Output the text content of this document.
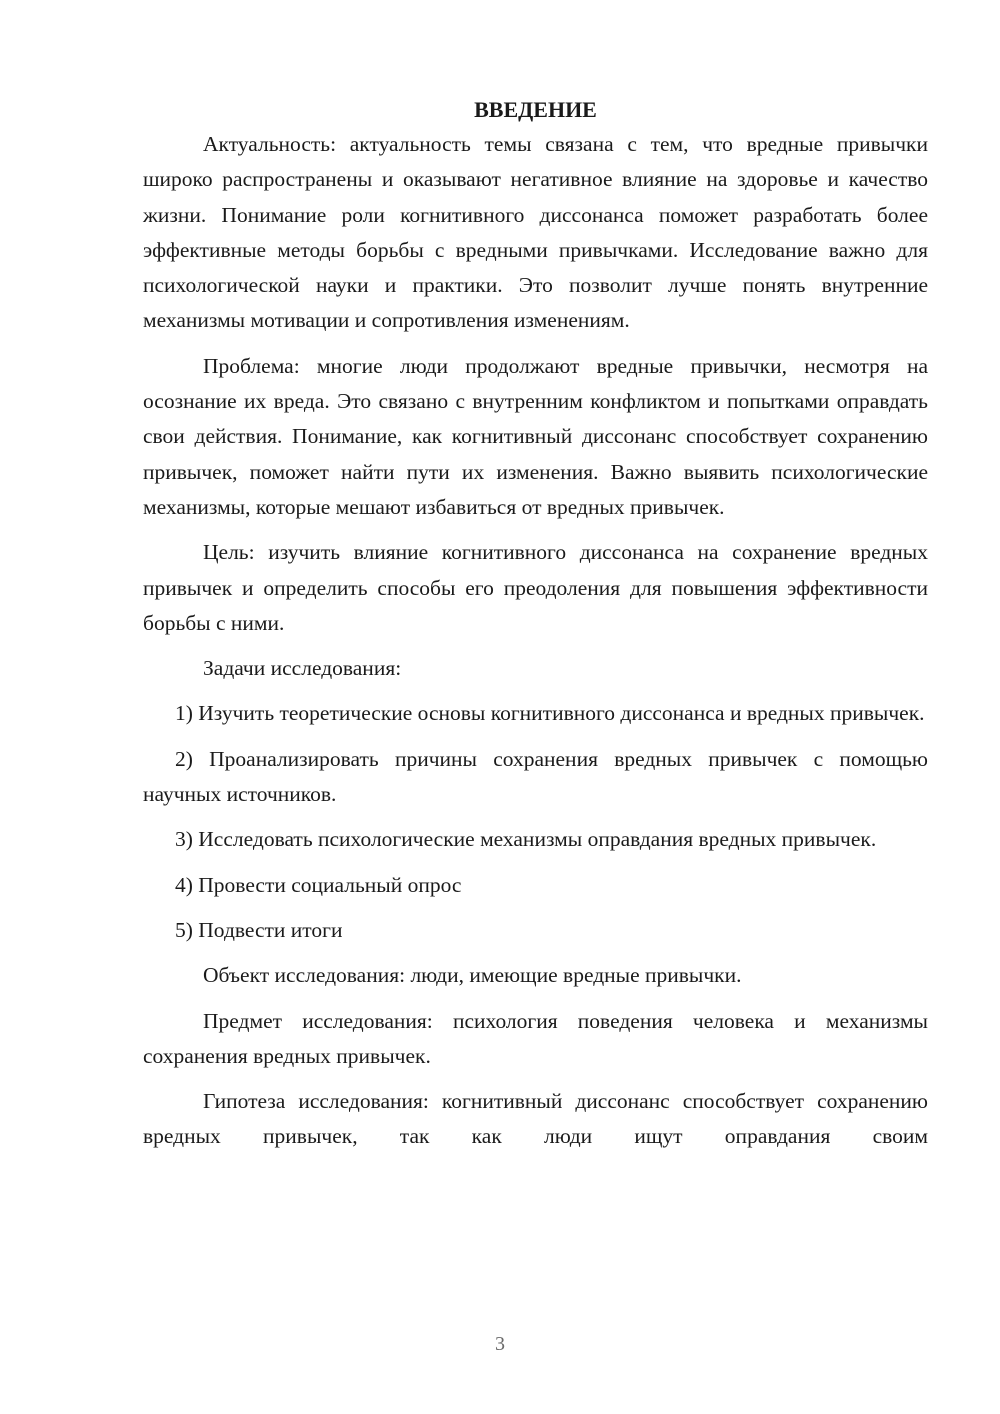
ВВЕДЕНИЕ

Актуальность: актуальность темы связана с тем, что вредные привычки широко распространены и оказывают негативное влияние на здоровье и качество жизни. Понимание роли когнитивного диссонанса поможет разработать более эффективные методы борьбы с вредными привычками. Исследование важно для психологической науки и практики. Это позволит лучше понять внутренние механизмы мотивации и сопротивления изменениям.

Проблема: многие люди продолжают вредные привычки, несмотря на осознание их вреда. Это связано с внутренним конфликтом и попытками оправдать свои действия. Понимание, как когнитивный диссонанс способствует сохранению привычек, поможет найти пути их изменения. Важно выявить психологические механизмы, которые мешают избавиться от вредных привычек.

Цель: изучить влияние когнитивного диссонанса на сохранение вредных привычек и определить способы его преодоления для повышения эффективности борьбы с ними.

Задачи исследования:

1) Изучить теоретические основы когнитивного диссонанса и вредных привычек.

2) Проанализировать причины сохранения вредных привычек с помощью научных источников.

3) Исследовать психологические механизмы оправдания вредных привычек.

4) Провести социальный опрос

5) Подвести итоги

Объект исследования: люди, имеющие вредные привычки.

Предмет исследования: психология поведения человека и механизмы сохранения вредных привычек.

Гипотеза исследования: когнитивный диссонанс способствует сохранению вредных привычек, так как люди ищут оправдания своим

3
